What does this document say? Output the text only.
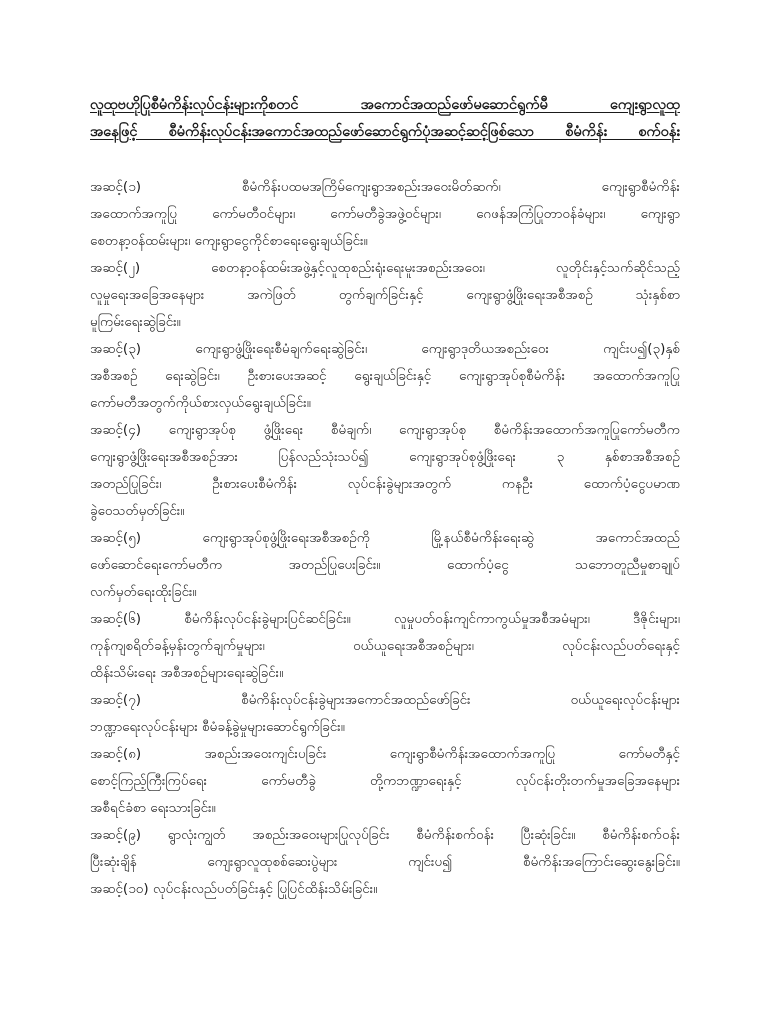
လူထုဗဟိုပြုစီမံကိန်းလုပ်ငန်းများကိုစတင် အကောင်အထည်ဖော်မဆောင်ရွက်မီ ကျေးရွာလူထု
အနေဖြင့် စီမံကိန်းလုပ်ငန်းအကောင်အထည်ဖော်ဆောင်ရွက်ပုံအဆင့်ဆင့်ဖြစ်သော စီမံကိန်း စက်ဝန်း
အဆင့်(၁) စီမံကိန်းပထမအကြိမ်ကျေးရွာအစည်းအဝေးမိတ်ဆက်၊ ကျေးရွာစီမံကိန်း
အထောက်အကူပြု ကော်မတီဝင်များ၊ ကော်မတီခွဲအဖွဲ့ဝင်များ၊ ဂေဖန်အကြံပြုတာဝန်ခံများ၊ ကျေးရွာ
စေတနာ့ဝန်ထမ်းများ၊ ကျေးရွာငွေကိုင်စာရေးရွေးချယ်ခြင်း။
အဆင့်(၂) စေတနာ့ဝန်ထမ်းအဖွဲ့နှင့်လူထုစည်းရုံးရေးမူးအစည်းအဝေး၊ လူတိုင်းနှင့်သက်ဆိုင်သည့်
လူမှုရေးအခြေအနေများ အကဲဖြတ် တွက်ချက်ခြင်းနှင့် ကျေးရွာဖွံ့ဖြိုးရေးအစီအစဉ် သုံးနှစ်စာ
မူကြမ်းရေးဆွဲခြင်း။
အဆင့်(၃) ကျေးရွာဖွံ့ဖြိုးရေးစီမံချက်ရေးဆွဲခြင်း၊ ကျေးရွာဒုတိယအစည်းဝေး ကျင်းပ၍(၃)နှစ်
အစီအစဉ် ရေးဆွဲခြင်း၊ ဦးစားပေးအဆင့် ရွေးချယ်ခြင်းနှင့် ကျေးရွာအုပ်စုစီမံကိန်း အထောက်အကူပြု
ကော်မတီအတွက်ကိုယ်စားလှယ်ရွေးချယ်ခြင်း။
အဆင့်(၄) ကျေးရွာအုပ်စု ဖွံ့ဖြိုးရေး စီမံချက်၊ ကျေးရွာအုပ်စု စီမံကိန်းအထောက်အကူပြုကော်မတီက
ကျေးရွာဖွံ့ဖြိုးရေးအစီအစဉ်အား ပြန်လည်သုံးသပ်၍ ကျေးရွာအုပ်စုဖွံ့ဖြိုးရေး ၃ နှစ်စာအစီအစဉ်
အတည်ပြုခြင်း၊ ဦးစားပေးစီမံကိန်း လုပ်ငန်းခွဲများအတွက် ကနဦး ထောက်ပံ့ငွေပမာဏ
ခွဲဝေသတ်မှတ်ခြင်း။
အဆင့်(၅) ကျေးရွာအုပ်စုဖွံ့ဖြိုးရေးအစီအစဉ်ကို မြို့နယ်စီမံကိန်းရေးဆွဲ အကောင်အထည်
ဖော်ဆောင်ရေးကော်မတီက အတည်ပြုပေးခြင်း။ ထောက်ပံ့ငွေ သဘောတူညီမှုစာချုပ်
လက်မှတ်ရေးထိုးခြင်း။
အဆင့်(၆) စီမံကိန်းလုပ်ငန်းခွဲများပြင်ဆင်ခြင်း။ လူမှုပတ်ဝန်းကျင်ကာကွယ်မှုအစီအမံများ၊ ဒီဇိုင်းများ၊
ကုန်ကျစရိတ်ခန့်မှန်းတွက်ချက်မှုများ၊ ဝယ်ယူရေးအစီအစဉ်များ၊ လုပ်ငန်းလည်ပတ်ရေးနှင့်
ထိန်းသိမ်းရေး အစီအစဉ်များရေးဆွဲခြင်း။
အဆင့်(၇) စီမံကိန်းလုပ်ငန်းခွဲများအကောင်အထည်ဖော်ခြင်း ဝယ်ယူရေးလုပ်ငန်းများ
ဘဏ္ဍာရေးလုပ်ငန်းများ စီမံခန့်ခွဲမှုများဆောင်ရွက်ခြင်း။
အဆင့်(၈) အစည်းအဝေးကျင်းပခြင်း ကျေးရွာစီမံကိန်းအထောက်အကူပြု ကော်မတီနှင့်
စောင့်ကြည့်ကြီးကြပ်ရေး ကော်မတီခွဲ တို့ကဘဏ္ဍာရေးနှင့် လုပ်ငန်းတိုးတက်မှုအခြေအနေများ
အစီရင်ခံစာ ရေးသားခြင်း။
အဆင့်(၉) ရွာလုံးကျွတ် အစည်းအဝေးများပြုလုပ်ခြင်း စီမံကိန်းစက်ဝန်း ပြီးဆုံးခြင်း။ စီမံကိန်းစက်ဝန်း
ပြီးဆုံးချိန် ကျေးရွာလူထုစစ်ဆေးပွဲများ ကျင်းပ၍ စီမံကိန်းအကြောင်းဆွေးနွေးခြင်း။
အဆင့်(၁၀) လုပ်ငန်းလည်ပတ်ခြင်းနှင့် ပြုပြင်ထိန်းသိမ်းခြင်း။
